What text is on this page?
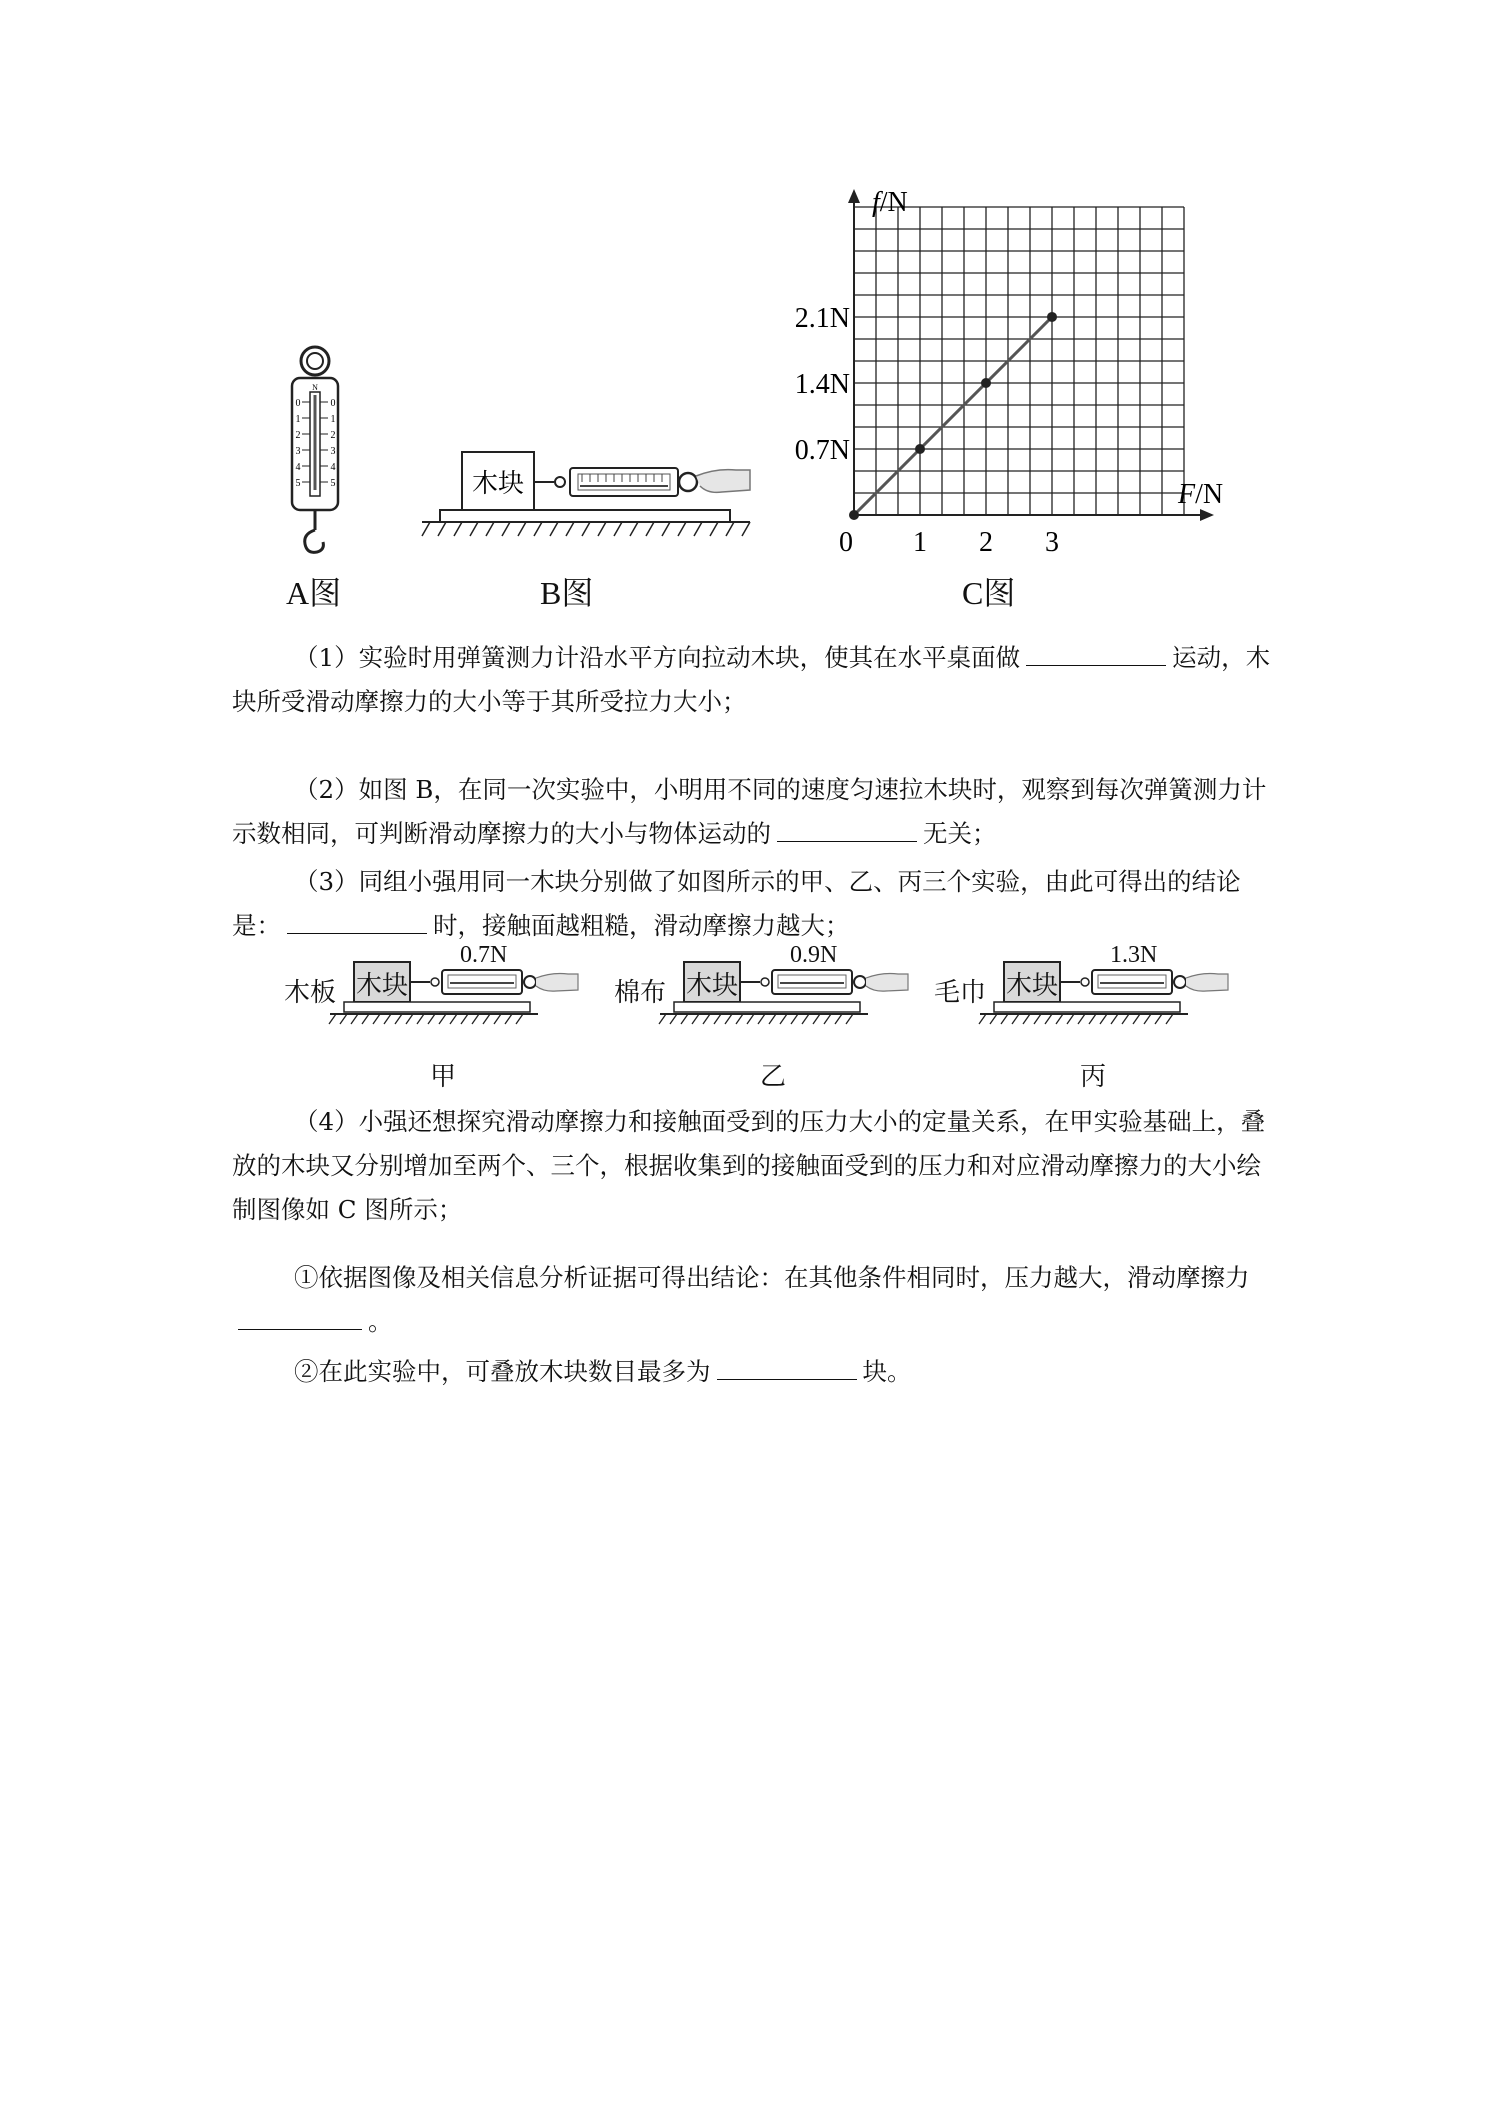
N
0
1
2
3
4
5
0
1
2
3
4
5
A图
木块
B图
0 1 2 3
0.7N
1.4N
2.1N
f/N
F/N
C图

（1）实验时用弹簧测力计沿水平方向拉动木块，使其在水平桌面做	运动，木块所受滑动摩擦力的大小等于其所受拉力大小；

（2）如图 B，在同一次实验中，小明用不同的速度匀速拉木块时，观察到每次弹簧测力计示数相同，可判断滑动摩擦力的大小与物体运动的	无关；

（3）同组小强用同一木块分别做了如图所示的甲、乙、丙三个实验，由此可得出的结论是：	时，接触面越粗糙，滑动摩擦力越大；

木块
木板
0.7N
甲
木块
棉布
0.9N
乙
木块
毛巾
1.3N
丙

（4）小强还想探究滑动摩擦力和接触面受到的压力大小的定量关系，在甲实验基础上，叠放的木块又分别增加至两个、三个，根据收集到的接触面受到的压力和对应滑动摩擦力的大小绘制图像如 C 图所示；

①依据图像及相关信息分析证据可得出结论：在其他条件相同时，压力越大，滑动摩擦力。

②在此实验中，可叠放木块数目最多为	块。
